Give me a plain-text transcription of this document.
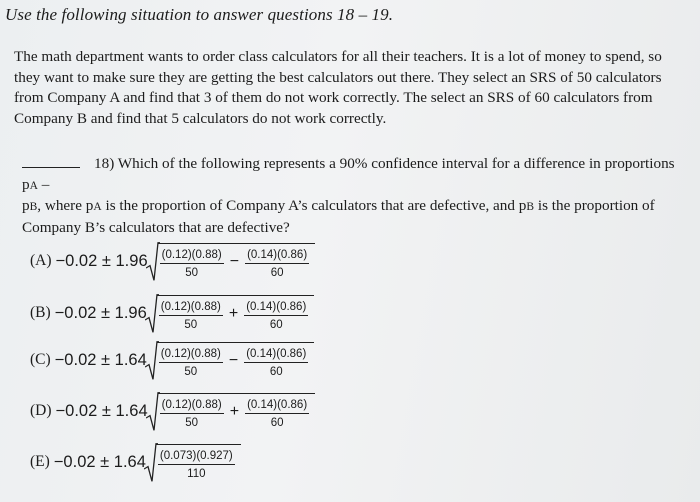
Use the following situation to answer questions 18 – 19.
The math department wants to order class calculators for all their teachers. It is a lot of money to spend, so they want to make sure they are getting the best calculators out there. They select an SRS of 50 calculators from Company A and find that 3 of them do not work correctly. The select an SRS of 60 calculators from Company B and find that 5 calculators do not work correctly.
18) Which of the following represents a 90% confidence interval for a difference in proportions pA –
pB, where pA is the proportion of Company A’s calculators that are defective, and pB is the proportion of Company B’s calculators that are defective?
$(A) -0.02 \pm 1.96 \frac{(0.12)(0.88)}{50} - \frac{(0.14)(0.86)}{60}$
$(B) -0.02 \pm 1.96 \frac{(0.12)(0.88)}{50} + \frac{(0.14)(0.86)}{60}$
$(C) -0.02 \pm 1.64 \frac{(0.12)(0.88)}{50} - \frac{(0.14)(0.86)}{60}$
$(D) -0.02 \pm 1.64 \frac{(0.12)(0.88)}{50} + \frac{(0.14)(0.86)}{60}$
$(E) -0.02 \pm 1.64 \frac{(0.073)(0.927)}{110}$
